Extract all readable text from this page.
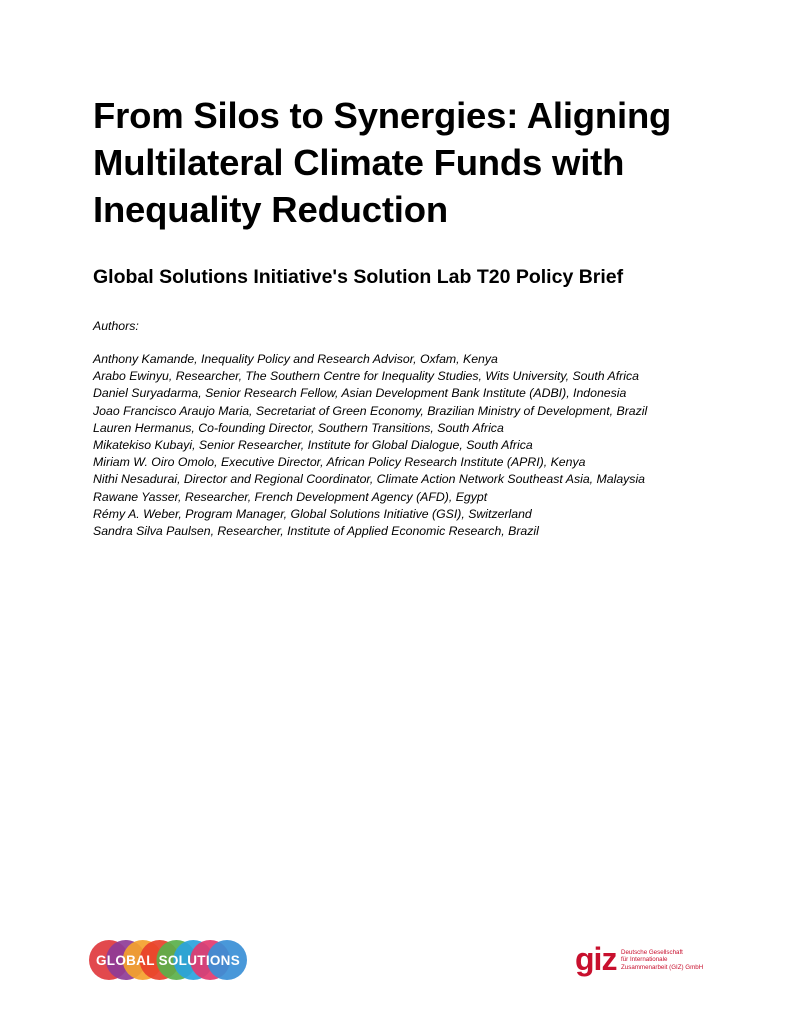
From Silos to Synergies: Aligning Multilateral Climate Funds with Inequality Reduction
Global Solutions Initiative's Solution Lab T20 Policy Brief

Authors:

Anthony Kamande, Inequality Policy and Research Advisor, Oxfam, Kenya
Arabo Ewinyu, Researcher, The Southern Centre for Inequality Studies, Wits University, South Africa
Daniel Suryadarma, Senior Research Fellow, Asian Development Bank Institute (ADBI), Indonesia
Joao Francisco Araujo Maria, Secretariat of Green Economy, Brazilian Ministry of Development, Brazil
Lauren Hermanus, Co-founding Director, Southern Transitions, South Africa
Mikatekiso Kubayi, Senior Researcher, Institute for Global Dialogue, South Africa
Miriam W. Oiro Omolo, Executive Director, African Policy Research Institute (APRI), Kenya
Nithi Nesadurai, Director and Regional Coordinator, Climate Action Network Southeast Asia, Malaysia
Rawane Yasser, Researcher, French Development Agency (AFD), Egypt
Rémy A. Weber, Program Manager, Global Solutions Initiative (GSI), Switzerland
Sandra Silva Paulsen, Researcher, Institute of Applied Economic Research, Brazil
GLOBAL SOLUTIONS	giz Deutsche Gesellschaft
für Internationale
Zusammenarbeit (GIZ) GmbH
